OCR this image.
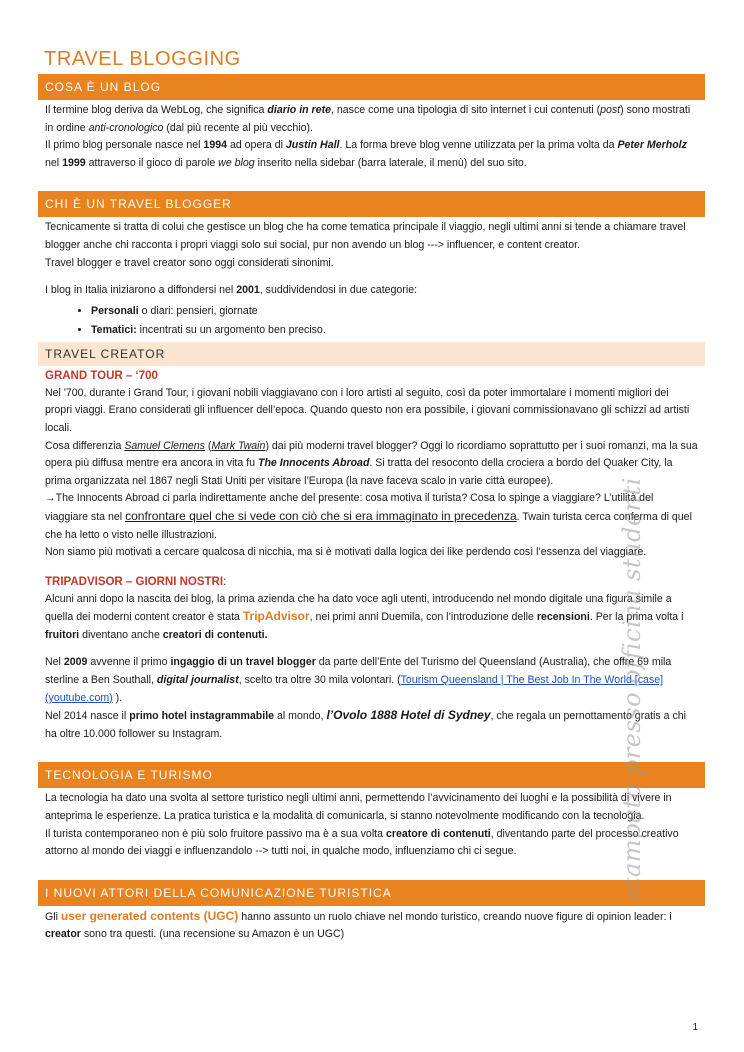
TRAVEL BLOGGING
COSA È UN BLOG

Il termine blog deriva da WebLog, che significa diario in rete, nasce come una tipologia di sito internet i cui contenuti (post) sono mostrati in ordine anti-cronologico (dal più recente al più vecchio).

Il primo blog personale nasce nel 1994 ad opera di Justin Hall. La forma breve blog venne utilizzata per la prima volta da Peter Merholz nel 1999 attraverso il gioco di parole we blog inserito nella sidebar (barra laterale, il menù) del suo sito.

CHI È UN TRAVEL BLOGGER

Tecnicamente si tratta di colui che gestisce un blog che ha come tematica principale il viaggio, negli ultimi anni si tende a chiamare travel blogger anche chi racconta i propri viaggi solo sui social, pur non avendo un blog ---> influencer, e content creator.

Travel blogger e travel creator sono oggi considerati sinonimi.

I blog in Italia iniziarono a diffondersi nel 2001, suddividendosi in due categorie:

• Personali o diari: pensieri, giornate
• Tematici: incentrati su un argomento ben preciso.
TRAVEL CREATOR
GRAND TOUR – ‘700

Nel '700, durante i Grand Tour, i giovani nobili viaggiavano con i loro artisti al seguito, così da poter immortalare i momenti migliori dei propri viaggi. Erano considerati gli influencer dell’epoca. Quando questo non era possibile, i giovani commissionavano gli schizzi ad artisti locali.

Cosa differenzia Samuel Clemens (Mark Twain) dai più moderni travel blogger? Oggi lo ricordiamo soprattutto per i suoi romanzi, ma la sua opera più diffusa mentre era ancora in vita fu The Innocents Abroad. Si tratta del resoconto della crociera a bordo del Quaker City, la prima organizzata nel 1867 negli Stati Uniti per visitare l’Europa (la nave faceva scalo in varie città europee).

→The Innocents Abroad ci parla indirettamente anche del presente: cosa motiva il turista? Cosa lo spinge a viaggiare? L’utilità del viaggiare sta nel confrontare quel che si vede con ciò che si era immaginato in precedenza. Twain turista cerca conferma di quel che ha letto o visto nelle illustrazioni.

Non siamo più motivati a cercare qualcosa di nicchia, ma si è motivati dalla logica dei like perdendo così l’essenza del viaggiare.

TRIPADVISOR – GIORNI NOSTRI:

Alcuni anni dopo la nascita dei blog, la prima azienda che ha dato voce agli utenti, introducendo nel mondo digitale una figura simile a quella dei moderni content creator è stata TripAdvisor, nei primi anni Duemila, con l’introduzione delle recensioni. Per la prima volta i fruitori diventano anche creatori di contenuti.

Nel 2009 avvenne il primo ingaggio di un travel blogger da parte dell’Ente del Turismo del Queensland (Australia), che offre 69 mila sterline a Ben Southall, digital journalist, scelto tra oltre 30 mila volontari. (Tourism Queensland | The Best Job In The World [case] (youtube.com) ).

Nel 2014 nasce il primo hotel instagrammabile al mondo, l’Ovolo 1888 Hotel di Sydney, che regala un pernottamento gratis a chi ha oltre 10.000 follower su Instagram.

TECNOLOGIA E TURISMO

La tecnologia ha dato una svolta al settore turistico negli ultimi anni, permettendo l’avvicinamento dei luoghi e la possibilità di vivere in anteprima le esperienze. La pratica turistica e la modalità di comunicarla, si stanno notevolmente modificando con la tecnologia.

Il turista contemporaneo non è più solo fruitore passivo ma è a sua volta creatore di contenuti, diventando parte del processo creativo attorno al mondo dei viaggi e influenzandolo --> tutti noi, in qualche modo, influenziamo chi ci segue.

I NUOVI ATTORI DELLA COMUNICAZIONE TURISTICA

Gli user generated contents (UGC) hanno assunto un ruolo chiave nel mondo turistico, creando nuove figure di opinion leader: i creator sono tra questi. (una recensione su Amazon è un UGC)

stampato presso officina studenti
1
